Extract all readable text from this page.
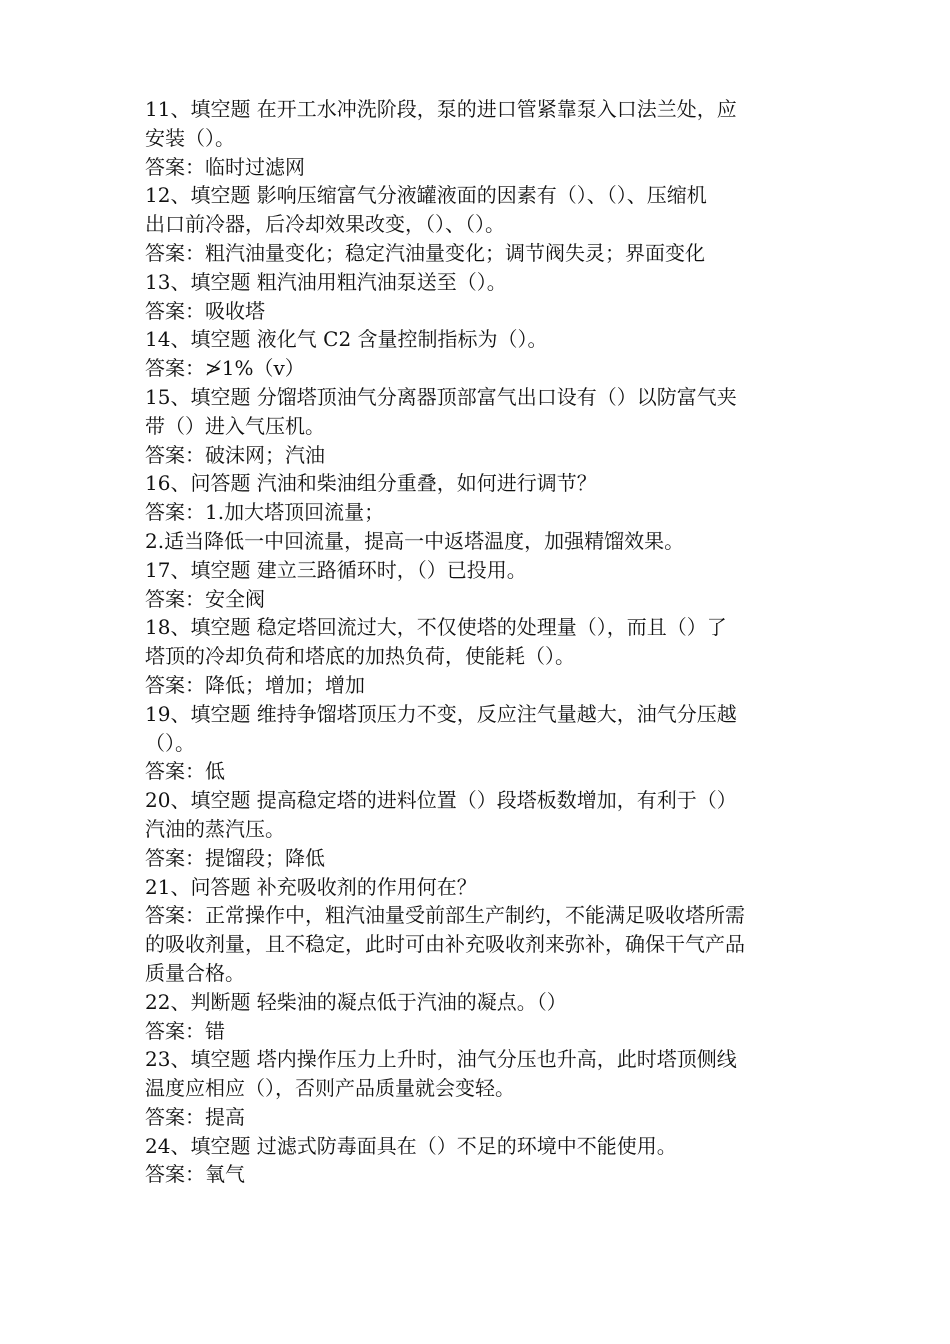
11、填空题 在开工水冲洗阶段，泵的进口管紧靠泵入口法兰处，应
安装（）。
答案：临时过滤网
12、填空题 影响压缩富气分液罐液面的因素有（）、（）、压缩机
出口前冷器，后冷却效果改变，（）、（）。
答案：粗汽油量变化；稳定汽油量变化；调节阀失灵；界面变化
13、填空题 粗汽油用粗汽油泵送至（）。
答案：吸收塔
14、填空题 液化气 C2 含量控制指标为（）。
答案：≯1%（v）
15、填空题 分馏塔顶油气分离器顶部富气出口设有（）以防富气夹
带（）进入气压机。
答案：破沫网；汽油
16、问答题 汽油和柴油组分重叠，如何进行调节？
答案：1.加大塔顶回流量；
2.适当降低一中回流量，提高一中返塔温度，加强精馏效果。
17、填空题 建立三路循环时，（）已投用。
答案：安全阀
18、填空题 稳定塔回流过大，不仅使塔的处理量（），而且（）了
塔顶的冷却负荷和塔底的加热负荷，使能耗（）。
答案：降低；增加；增加
19、填空题 维持争馏塔顶压力不变，反应注气量越大，油气分压越
（）。
答案：低
20、填空题 提高稳定塔的进料位置（）段塔板数增加，有利于（）
汽油的蒸汽压。
答案：提馏段；降低
21、问答题 补充吸收剂的作用何在？
答案：正常操作中，粗汽油量受前部生产制约，不能满足吸收塔所需
的吸收剂量，且不稳定，此时可由补充吸收剂来弥补，确保干气产品
质量合格。
22、判断题 轻柴油的凝点低于汽油的凝点。（）
答案：错
23、填空题 塔内操作压力上升时，油气分压也升高，此时塔顶侧线
温度应相应（），否则产品质量就会变轻。
答案：提高
24、填空题 过滤式防毒面具在（）不足的环境中不能使用。
答案：氧气
